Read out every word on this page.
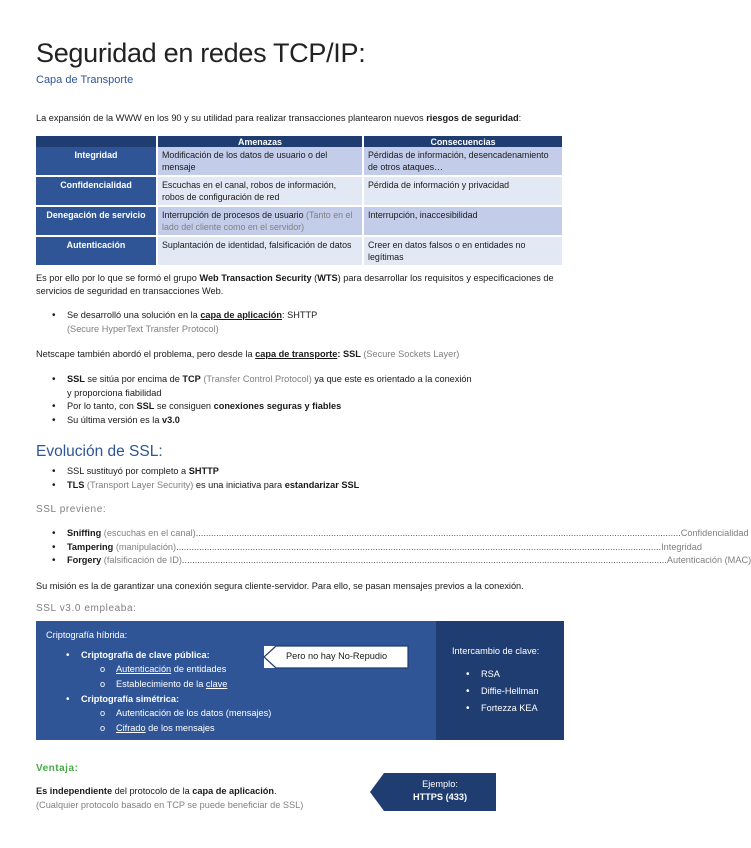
Seguridad en redes TCP/IP:
Capa de Transporte
La expansión de la WWW en los 90 y su utilidad para realizar transacciones plantearon nuevos riesgos de seguridad:
	Amenazas	Consecuencias
Integridad	Modificación de los datos de usuario o del mensaje	Pérdidas de información, desencadenamiento de otros ataques…
Confidencialidad	Escuchas en el canal, robos de información, robos de configuración de red	Pérdida de información y privacidad
Denegación de servicio	Interrupción de procesos de usuario (Tanto en el lado del cliente como en el servidor)	Interrupción, inaccesibilidad
Autenticación	Suplantación de identidad, falsificación de datos	Creer en datos falsos o en entidades no legítimas
Es por ello por lo que se formó el grupo Web Transaction Security (WTS) para desarrollar los requisitos y especificaciones de servicios de seguridad en transacciones Web.
• Se desarrolló una solución en la capa de aplicación: SHTTP
(Secure HyperText Transfer Protocol)
Netscape también abordó el problema, pero desde la capa de transporte: SSL (Secure Sockets Layer)
• SSL se sitúa por encima de TCP (Transfer Control Protocol) ya que este es orientado a la conexión
y proporciona fiabilidad
• Por lo tanto, con SSL se consiguen conexiones seguras y fiables
• Su última versión es la v3.0
Evolución de SSL:
• SSL sustituyó por completo a SHTTP
• TLS (Transport Layer Security) es una iniciativa para estandarizar SSL
SSL previene:
• Sniffing (escuchas en el canal) .............................................................................................................................................................................................. Confidencialidad
• Tampering (manipulación) .............................................................................................................................................................................................. Integridad
• Forgery (falsificación de ID) .............................................................................................................................................................................................. Autenticación (MAC)
Su misión es la de garantizar una conexión segura cliente-servidor. Para ello, se pasan mensajes previos a la conexión.
SSL v3.0 empleaba:
Criptografía híbrida:
• Criptografía de clave pública:
o Autenticación de entidades
o Establecimiento de la clave
• Criptografía simétrica:
o Autenticación de los datos (mensajes)
o Cifrado de los mensajes
Pero no hay No-Repudio	Intercambio de clave:
• RSA
• Diffie-Hellman
• Fortezza KEA
Ventaja:
Es independiente del protocolo de la capa de aplicación.
(Cualquier protocolo basado en TCP se puede beneficiar de SSL)
Ejemplo:
HTTPS (433)
